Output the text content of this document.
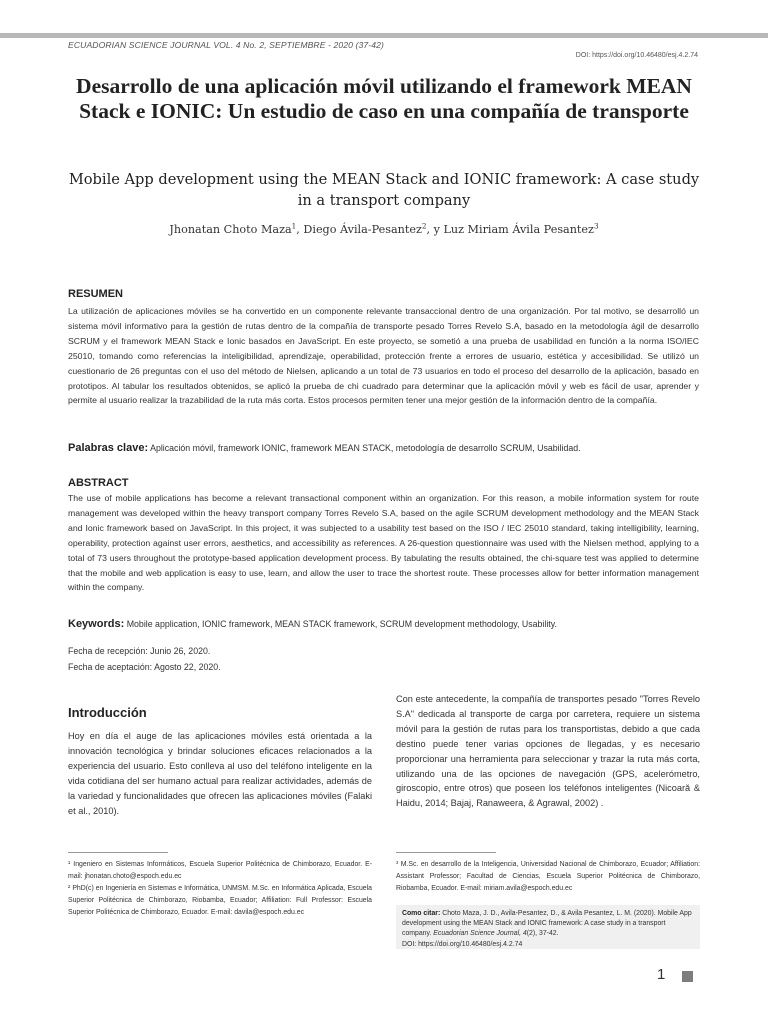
ECUADORIAN SCIENCE JOURNAL VOL. 4 No. 2, SEPTIEMBRE - 2020 (37-42)
DOI: https://doi.org/10.46480/esj.4.2.74
Desarrollo de una aplicación móvil utilizando el framework MEAN Stack e IONIC: Un estudio de caso en una compañía de transporte
Mobile App development using the MEAN Stack and IONIC framework: A case study in a transport company
Jhonatan Choto Maza$^1$, Diego Ávila-Pesantez$^2$, y Luz Miriam Ávila Pesantez$^3$
RESUMEN
La utilización de aplicaciones móviles se ha convertido en un componente relevante transaccional dentro de una organización. Por tal motivo, se desarrolló un sistema móvil informativo para la gestión de rutas dentro de la compañía de transporte pesado Torres Revelo S.A, basado en la metodología ágil de desarrollo SCRUM y el framework MEAN Stack e Ionic basados en JavaScript. En este proyecto, se sometió a una prueba de usabilidad en función a la norma ISO/IEC 25010, tomando como referencias la inteligibilidad, aprendizaje, operabilidad, protección frente a errores de usuario, estética y accesibilidad. Se utilizó un cuestionario de 26 preguntas con el uso del método de Nielsen, aplicando a un total de 73 usuarios en todo el proceso del desarrollo de la aplicación, basado en prototipos. Al tabular los resultados obtenidos, se aplicó la prueba de chi cuadrado para determinar que la aplicación móvil y web es fácil de usar, aprender y permite al usuario realizar la trazabilidad de la ruta más corta. Estos procesos permiten tener una mejor gestión de la información dentro de la compañía.
Palabras clave: Aplicación móvil, framework IONIC, framework MEAN STACK, metodología de desarrollo SCRUM, Usabilidad.
ABSTRACT
The use of mobile applications has become a relevant transactional component within an organization. For this reason, a mobile information system for route management was developed within the heavy transport company Torres Revelo S.A, based on the agile SCRUM development methodology and the MEAN Stack and Ionic framework based on JavaScript. In this project, it was subjected to a usability test based on the ISO / IEC 25010 standard, taking intelligibility, learning, operability, protection against user errors, aesthetics, and accessibility as references. A 26-question questionnaire was used with the Nielsen method, applying to a total of 73 users throughout the prototype-based application development process. By tabulating the results obtained, the chi-square test was applied to determine that the mobile and web application is easy to use, learn, and allow the user to trace the shortest route. These processes allow for better information management within the company.
Keywords: Mobile application, IONIC framework, MEAN STACK framework, SCRUM development methodology, Usability.
Fecha de recepción: Junio 26, 2020.
Fecha de aceptación: Agosto 22, 2020.
Introducción
Hoy en día el auge de las aplicaciones móviles está orientada a la innovación tecnológica y brindar soluciones eficaces relacionados a la experiencia del usuario. Esto conlleva al uso del teléfono inteligente en la vida cotidiana del ser humano actual para realizar actividades, además de la variedad y funcionalidades que ofrecen las aplicaciones móviles (Falaki et al., 2010).
Con este antecedente, la compañía de transportes pesado "Torres Revelo S.A" dedicada al transporte de carga por carretera, requiere un sistema móvil para la gestión de rutas para los transportistas, debido a que cada destino puede tener varias opciones de llegadas, y es necesario proporcionar una herramienta para seleccionar y trazar la ruta más corta, utilizando una de las opciones de navegación (GPS, acelerómetro, giroscopio, entre otros) que poseen los teléfonos inteligentes (Nicoară & Haidu, 2014; Bajaj, Ranaweera, & Agrawal, 2002) .
¹ Ingeniero en Sistemas Informáticos, Escuela Superior Politécnica de Chimborazo, Ecuador. E-mail: jhonatan.choto@espoch.edu.ec
² PhD(c) en Ingeniería en Sistemas e Informática, UNMSM. M.Sc. en Informática Aplicada, Escuela Superior Politécnica de Chimborazo, Riobamba, Ecuador; Affiliation: Full Professor: Escuela Superior Politécnica de Chimborazo, Ecuador. E-mail: davila@espoch.edu.ec
³ M.Sc. en desarrollo de la Inteligencia, Universidad Nacional de Chimborazo, Ecuador; Affiliation: Assistant Professor; Facultad de Ciencias, Escuela Superior Politécnica de Chimborazo, Riobamba, Ecuador. E-mail: miriam.avila@espoch.edu.ec
Como citar: Choto Maza, J. D., Avila-Pesantez, D., & Avila Pesantez, L. M. (2020). Mobile App development using the MEAN Stack and IONIC framework: A case study in a transport company. Ecuadorian Science Journal, 4(2), 37-42.
DOI: https://doi.org/10.46480/esj.4.2.74
1
